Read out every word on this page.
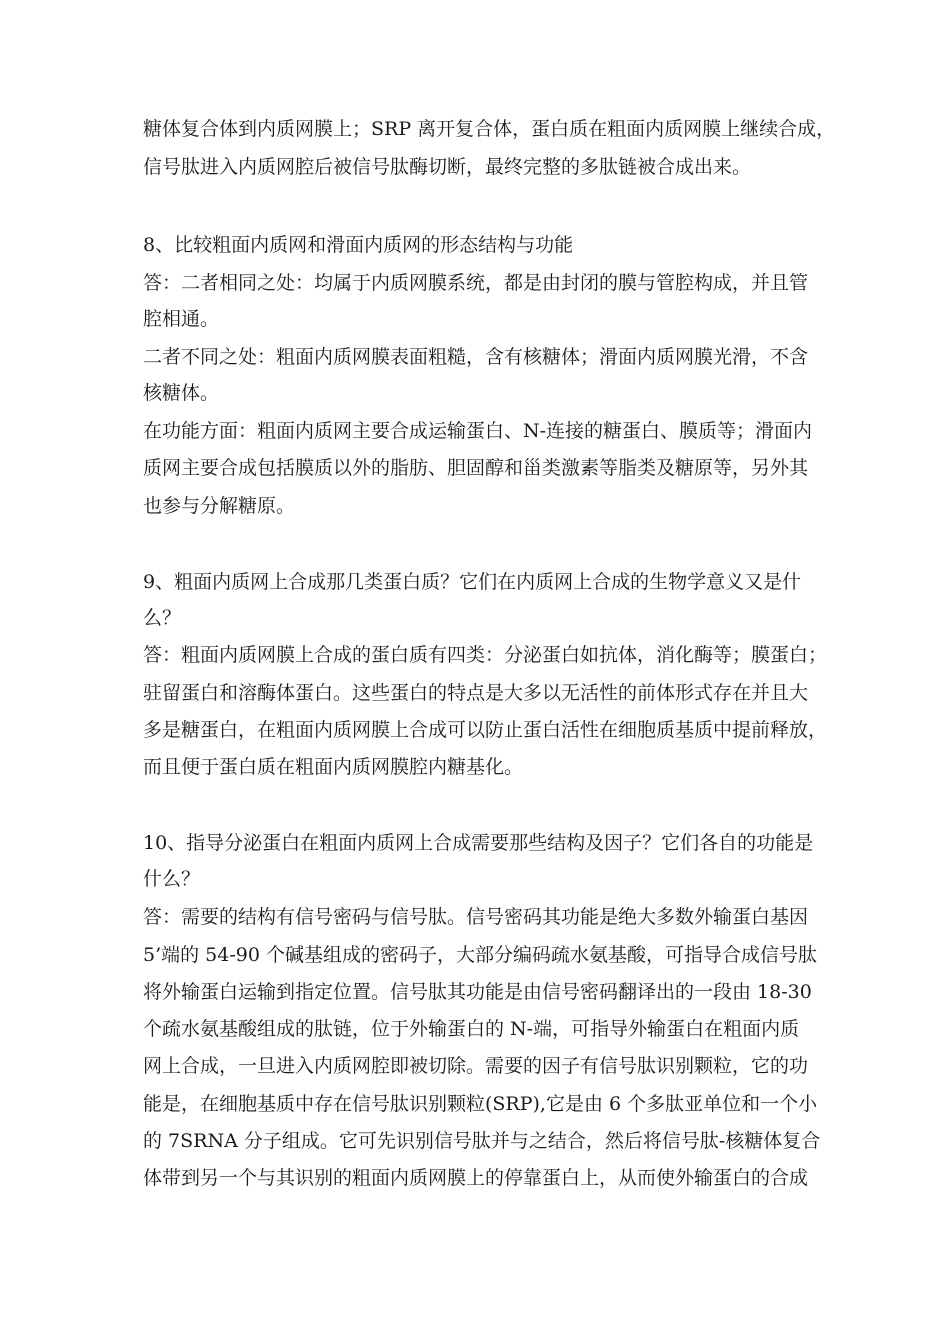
糖体复合体到内质网膜上；SRP 离开复合体，蛋白质在粗面内质网膜上继续合成，
信号肽进入内质网腔后被信号肽酶切断，最终完整的多肽链被合成出来。
8、比较粗面内质网和滑面内质网的形态结构与功能
答：二者相同之处：均属于内质网膜系统，都是由封闭的膜与管腔构成，并且管
腔相通。
二者不同之处：粗面内质网膜表面粗糙，含有核糖体；滑面内质网膜光滑，不含
核糖体。
在功能方面：粗面内质网主要合成运输蛋白、N-连接的糖蛋白、膜质等；滑面内
质网主要合成包括膜质以外的脂肪、胆固醇和甾类激素等脂类及糖原等，另外其
也参与分解糖原。
9、粗面内质网上合成那几类蛋白质？它们在内质网上合成的生物学意义又是什
么？
答：粗面内质网膜上合成的蛋白质有四类：分泌蛋白如抗体，消化酶等；膜蛋白；
驻留蛋白和溶酶体蛋白。这些蛋白的特点是大多以无活性的前体形式存在并且大
多是糖蛋白，在粗面内质网膜上合成可以防止蛋白活性在细胞质基质中提前释放，
而且便于蛋白质在粗面内质网膜腔内糖基化。
10、指导分泌蛋白在粗面内质网上合成需要那些结构及因子？它们各自的功能是
什么？
答：需要的结构有信号密码与信号肽。信号密码其功能是绝大多数外输蛋白基因
5’端的 54-90 个碱基组成的密码子，大部分编码疏水氨基酸，可指导合成信号肽
将外输蛋白运输到指定位置。信号肽其功能是由信号密码翻译出的一段由 18-30
个疏水氨基酸组成的肽链，位于外输蛋白的 N-端，可指导外输蛋白在粗面内质
网上合成，一旦进入内质网腔即被切除。需要的因子有信号肽识别颗粒，它的功
能是，在细胞基质中存在信号肽识别颗粒(SRP),它是由 6 个多肽亚单位和一个小
的 7SRNA 分子组成。它可先识别信号肽并与之结合，然后将信号肽-核糖体复合
体带到另一个与其识别的粗面内质网膜上的停靠蛋白上，从而使外输蛋白的合成
